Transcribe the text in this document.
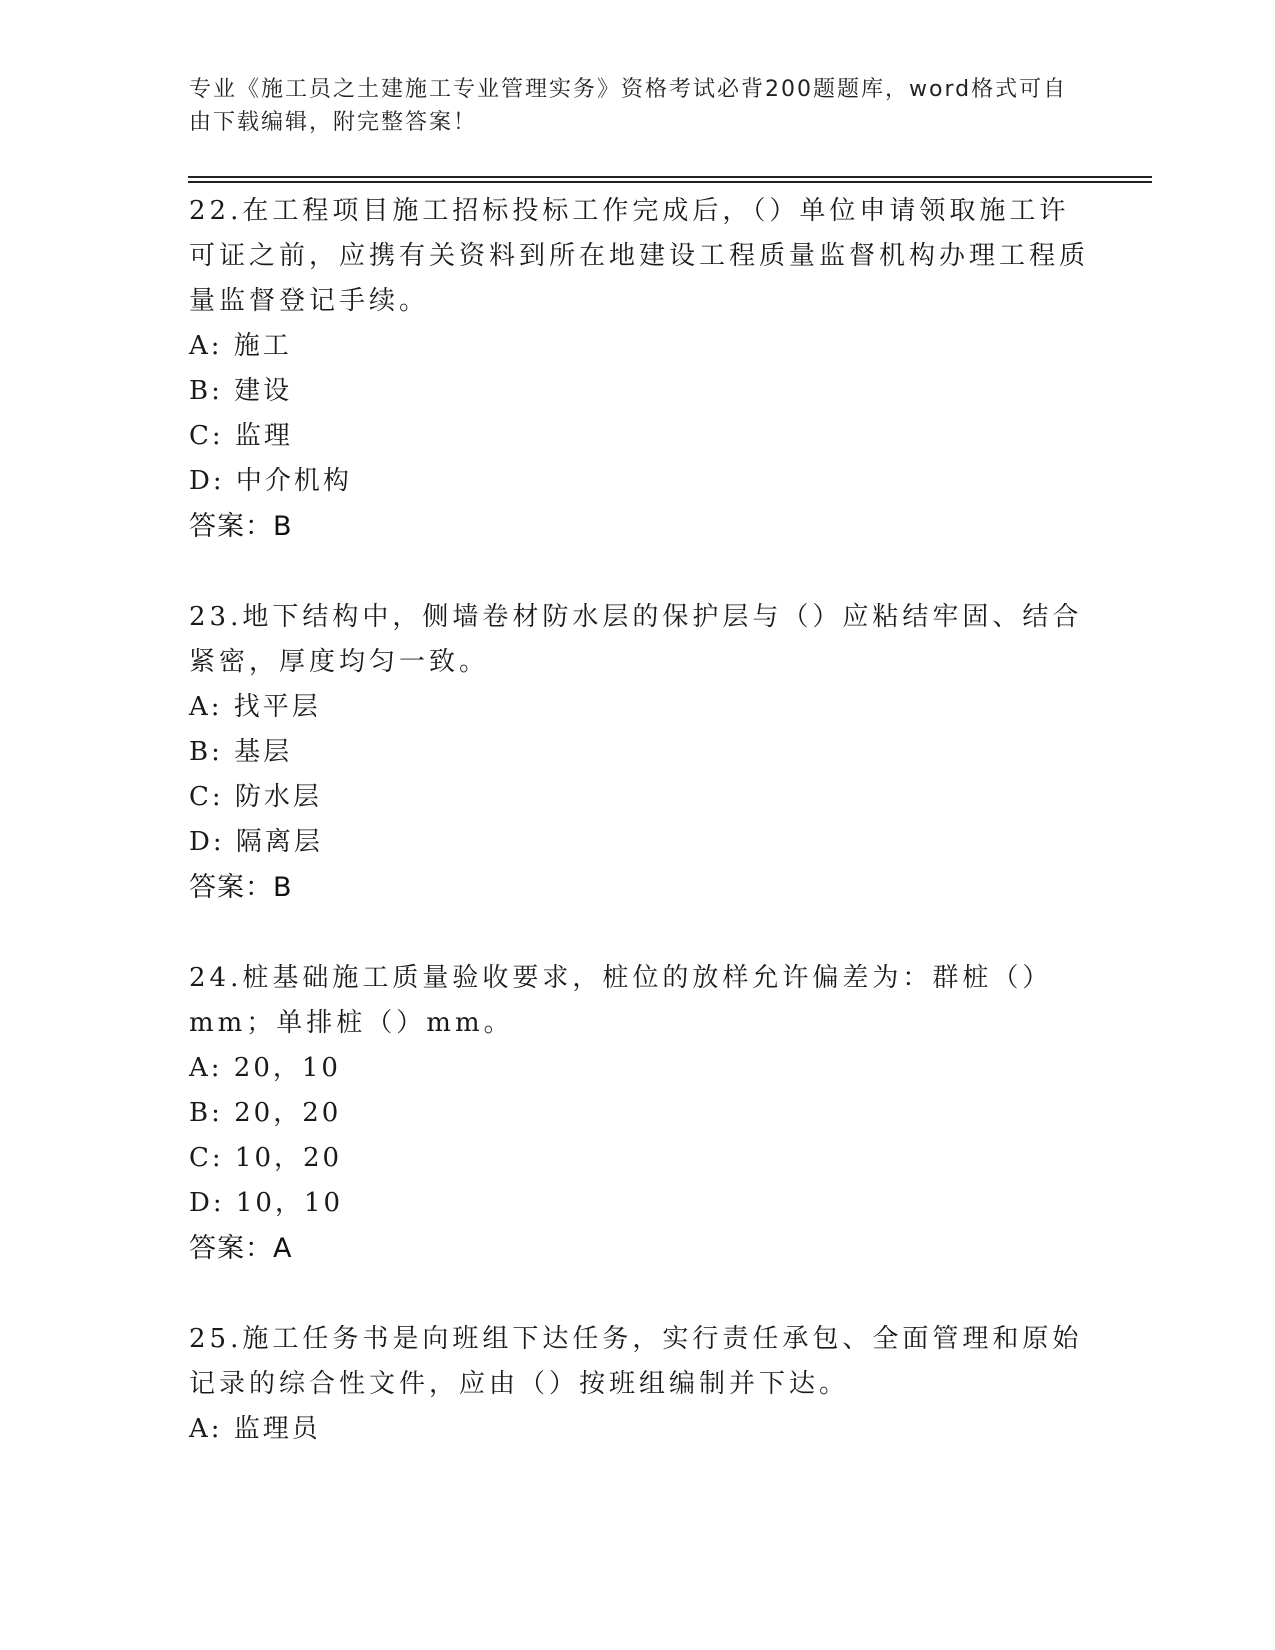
专业《施工员之土建施工专业管理实务》资格考试必背200题题库，word格式可自由下载编辑，附完整答案！

22.在工程项目施工招标投标工作完成后，（）单位申请领取施工许可证之前，应携有关资料到所在地建设工程质量监督机构办理工程质量监督登记手续。

A: 施工

B: 建设

C: 监理

D: 中介机构

答案：B

23.地下结构中，侧墙卷材防水层的保护层与（）应粘结牢固、结合紧密，厚度均匀一致。

A: 找平层

B: 基层

C: 防水层

D: 隔离层

答案：B

24.桩基础施工质量验收要求，桩位的放样允许偏差为：群桩（）mm；单排桩（）mm。

A: 20，10

B: 20，20

C: 10，20

D: 10，10

答案：A

25.施工任务书是向班组下达任务，实行责任承包、全面管理和原始记录的综合性文件，应由（）按班组编制并下达。

A: 监理员
